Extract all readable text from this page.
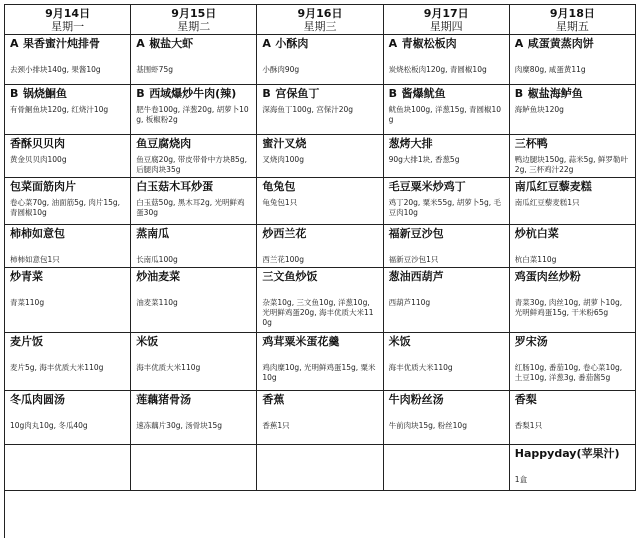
9月14日
星期一
9月15日
星期二
9月16日
星期三
9月17日
星期四
9月18日
星期五
A 果香蜜汁炖排骨
去颈小排块140g, 果酱10g
A 椒盐大虾
基围虾75g
A 小酥肉
小酥肉90g
A 青椒松板肉
炭烧松板肉120g, 青圆椒10g
A 咸蛋黄蒸肉饼
肉糜80g, 咸蛋黄11g
B 锅烧鮰鱼
有骨鮰鱼块120g, 红烧汁10g
B 西域爆炒牛肉(辣)
肥牛卷100g, 洋葱20g, 胡萝卜10g, 板椒粉2g
B 宫保鱼丁
深海鱼丁100g, 宫保汁20g
B 酱爆鱿鱼
鱿鱼块100g, 洋葱15g, 青圆椒10g
B 椒盐海鲈鱼
海鲈鱼块120g
香酥贝贝肉
黄金贝贝肉100g
鱼豆腐烧肉
鱼豆腐20g, 带皮带骨中方块85g, 后腿肉块35g
蜜汁叉烧
叉烧肉100g
葱烤大排
90g大排1块, 香葱5g
三杯鸭
鸭边腿块150g, 蒜米5g, 鲜罗勒叶2g, 三杯鸡汁22g
包菜面筋肉片
卷心菜70g, 油面筋5g, 肉片15g, 青圆椒10g
白玉菇木耳炒蛋
白玉菇50g, 黑木耳2g, 光明鲜鸡蛋30g
龟兔包
龟兔包1只
毛豆粟米炒鸡丁
鸡丁20g, 粟米55g, 胡萝卜5g, 毛豆肉10g
南瓜红豆藜麦糕
南瓜红豆藜麦糕1只
柿柿如意包
柿柿如意包1只
蒸南瓜
长南瓜100g
炒西兰花
西兰花100g
福新豆沙包
福新豆沙包1只
炒杭白菜
杭白菜110g
炒青菜
青菜110g
炒油麦菜
油麦菜110g
三文鱼炒饭
杂菜10g, 三文鱼10g, 洋葱10g, 光明鲜鸡蛋20g, 海丰优质大米110g
葱油西葫芦
西葫芦110g
鸡蛋肉丝炒粉
青菜30g, 肉丝10g, 胡萝卜10g, 光明鲜鸡蛋15g, 干米粉65g
麦片饭
麦片5g, 海丰优质大米110g
米饭
海丰优质大米110g
鸡茸粟米蛋花羹
鸡肉糜10g, 光明鲜鸡蛋15g, 粟米10g
米饭
海丰优质大米110g
罗宋汤
红肠10g, 番茄10g, 卷心菜10g, 土豆10g, 洋葱3g, 番茄酱5g
冬瓜肉圆汤
10g肉丸10g, 冬瓜40g
莲藕猪骨汤
速冻藕片30g, 汤骨块15g
香蕉
香蕉1只
牛肉粉丝汤
牛前肉块15g, 粉丝10g
香梨
香梨1只
Happyday(苹果汁)
1盒
